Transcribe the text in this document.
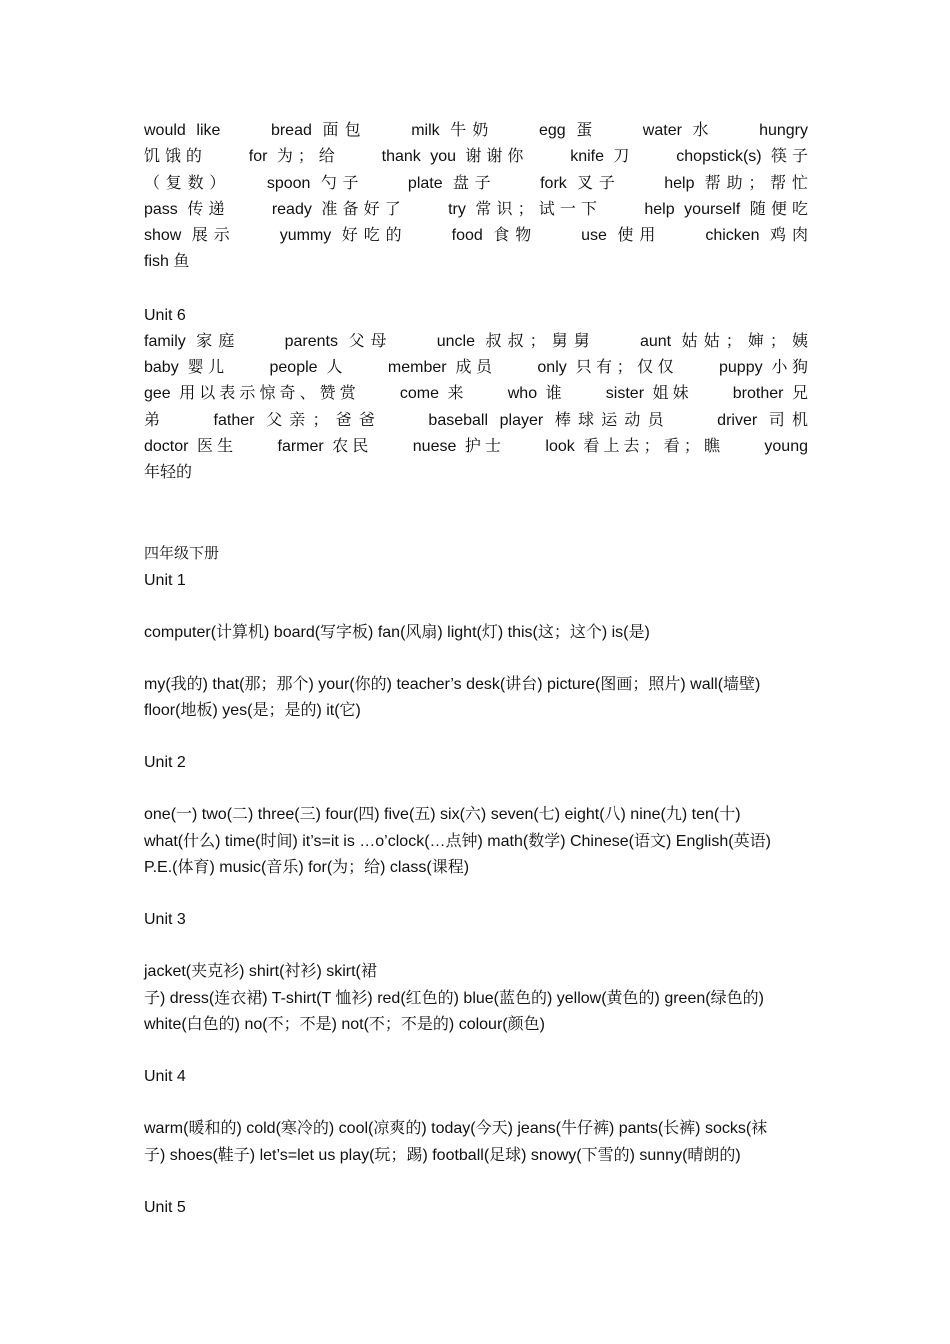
would like　　bread 面包　　milk 牛奶　　egg 蛋　　water 水　　hungry

饥饿的　　for 为；给　　thank you 谢谢你　　knife 刀　　chopstick(s) 筷子

（复数）　　spoon 勺子　　plate 盘子　　fork 叉子　　help 帮助；帮忙

pass 传递　　ready 准备好了　　try 常识；试一下　　help yourself 随便吃

show 展示　　yummy 好吃的　　food 食物　　use 使用　　chicken 鸡肉

fish 鱼

Unit 6

family 家庭　　parents 父母　　uncle 叔叔；舅舅　　aunt 姑姑；婶；姨

baby 婴儿　　people 人　　member 成员　　only 只有；仅仅　　puppy 小狗

gee 用以表示惊奇、赞赏　　come 来　　who 谁　　sister 姐妹　　brother 兄

弟　　father 父亲；爸爸　　baseball player 棒球运动员　　driver 司机

doctor 医生　　farmer 农民　　nuese 护士　　look 看上去；看；瞧　　young

年轻的

四年级下册

Unit 1

computer(计算机) board(写字板) fan(风扇) light(灯) this(这；这个) is(是)

my(我的) that(那；那个) your(你的) teacher’s desk(讲台) picture(图画；照片) wall(墙壁)

floor(地板) yes(是；是的) it(它)

Unit 2

one(一) two(二) three(三) four(四) five(五) six(六) seven(七) eight(八) nine(九) ten(十)

what(什么) time(时间) it’s=it is …o’clock(…点钟) math(数学) Chinese(语文) English(英语)

P.E.(体育) music(音乐) for(为；给) class(课程)

Unit 3

jacket(夹克衫) shirt(衬衫) skirt(裙

子) dress(连衣裙) T-shirt(T 恤衫) red(红色的) blue(蓝色的) yellow(黄色的) green(绿色的)

white(白色的) no(不；不是) not(不；不是的) colour(颜色)

Unit 4

warm(暖和的) cold(寒冷的) cool(凉爽的) today(今天) jeans(牛仔裤) pants(长裤) socks(袜

子) shoes(鞋子) let’s=let us play(玩；踢) football(足球) snowy(下雪的) sunny(晴朗的)

Unit 5
